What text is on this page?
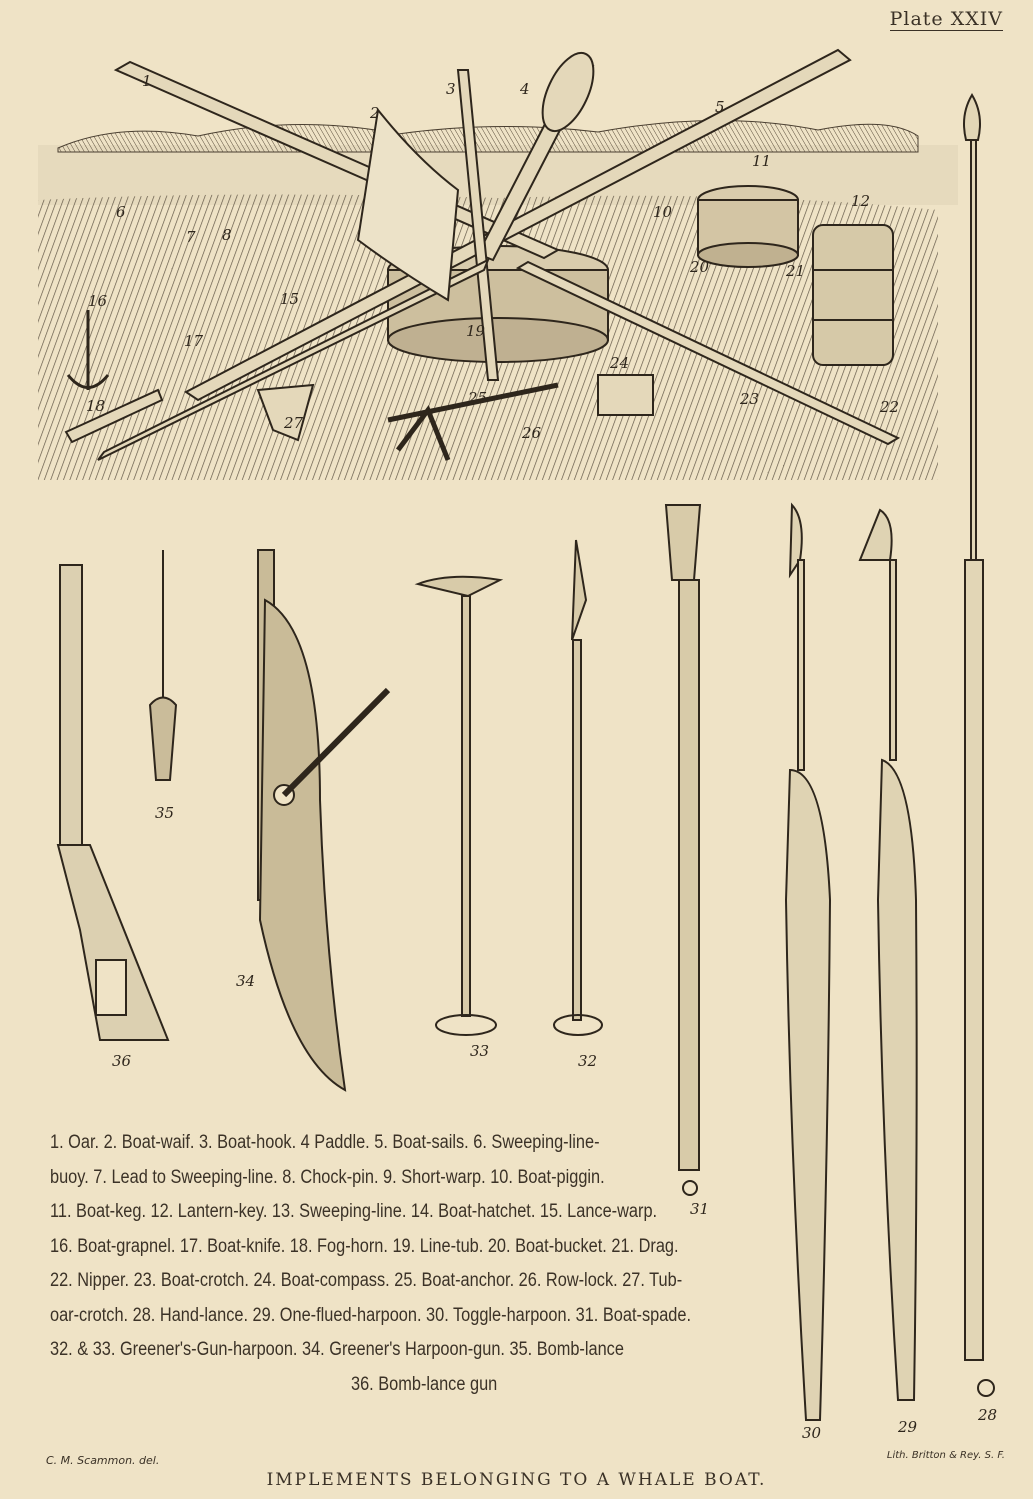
Plate XXIV
1
2
3	4
5
6
7 8
10
11
12
15
16
17
18
19
20	21
22
23
24
25
26
27
28
29
30
31
32
33
34
35
36
1. Oar. 2. Boat-waif. 3. Boat-hook. 4 Paddle. 5. Boat-sails. 6. Sweeping-line-
buoy. 7. Lead to Sweeping-line. 8. Chock-pin. 9. Short-warp. 10. Boat-piggin.
11. Boat-keg. 12. Lantern-key. 13. Sweeping-line. 14. Boat-hatchet. 15. Lance-warp.
16. Boat-grapnel. 17. Boat-knife. 18. Fog-horn. 19. Line-tub. 20. Boat-bucket. 21. Drag.
22. Nipper. 23. Boat-crotch. 24. Boat-compass. 25. Boat-anchor. 26. Row-lock. 27. Tub-
oar-crotch. 28. Hand-lance. 29. One-flued-harpoon. 30. Toggle-harpoon. 31. Boat-spade.
32. & 33. Greener's-Gun-harpoon. 34. Greener's Harpoon-gun. 35. Bomb-lance
36. Bomb-lance gun
C. M. Scammon. del.	Lith. Britton & Rey. S. F.
IMPLEMENTS BELONGING TO A WHALE BOAT.
